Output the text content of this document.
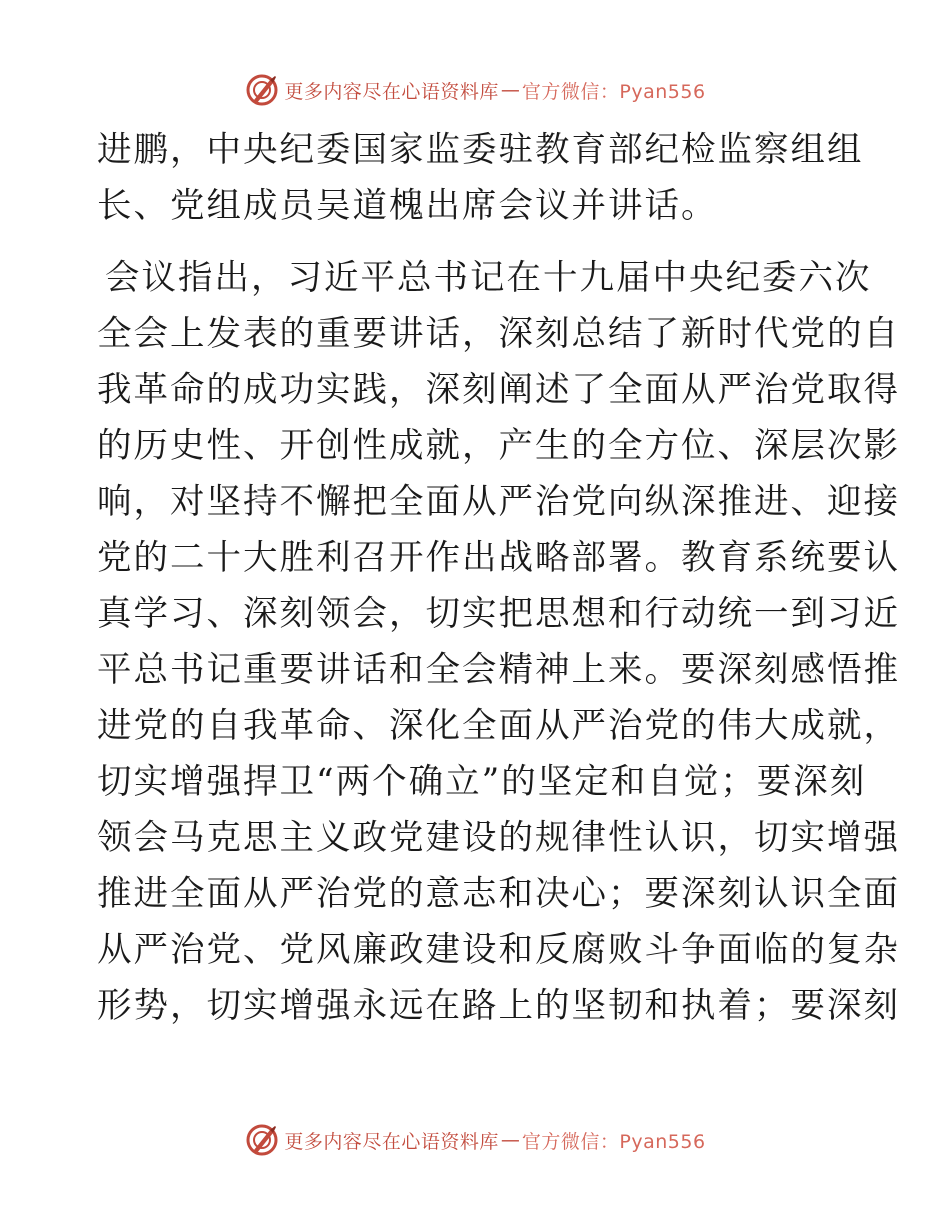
更多内容尽在心语资料库 — 官方微信：Pyan556
进鹏，中央纪委国家监委驻教育部纪检监察组组
长、党组成员吴道槐出席会议并讲话。
会议指出，习近平总书记在十九届中央纪委六次
全会上发表的重要讲话，深刻总结了新时代党的自
我革命的成功实践，深刻阐述了全面从严治党取得
的历史性、开创性成就，产生的全方位、深层次影
响，对坚持不懈把全面从严治党向纵深推进、迎接
党的二十大胜利召开作出战略部署。教育系统要认
真学习、深刻领会，切实把思想和行动统一到习近
平总书记重要讲话和全会精神上来。要深刻感悟推
进党的自我革命、深化全面从严治党的伟大成就，
切实增强捍卫“两个确立”的坚定和自觉；要深刻
领会马克思主义政党建设的规律性认识，切实增强
推进全面从严治党的意志和决心；要深刻认识全面
从严治党、党风廉政建设和反腐败斗争面临的复杂
形势，切实增强永远在路上的坚韧和执着；要深刻
更多内容尽在心语资料库 — 官方微信：Pyan556
